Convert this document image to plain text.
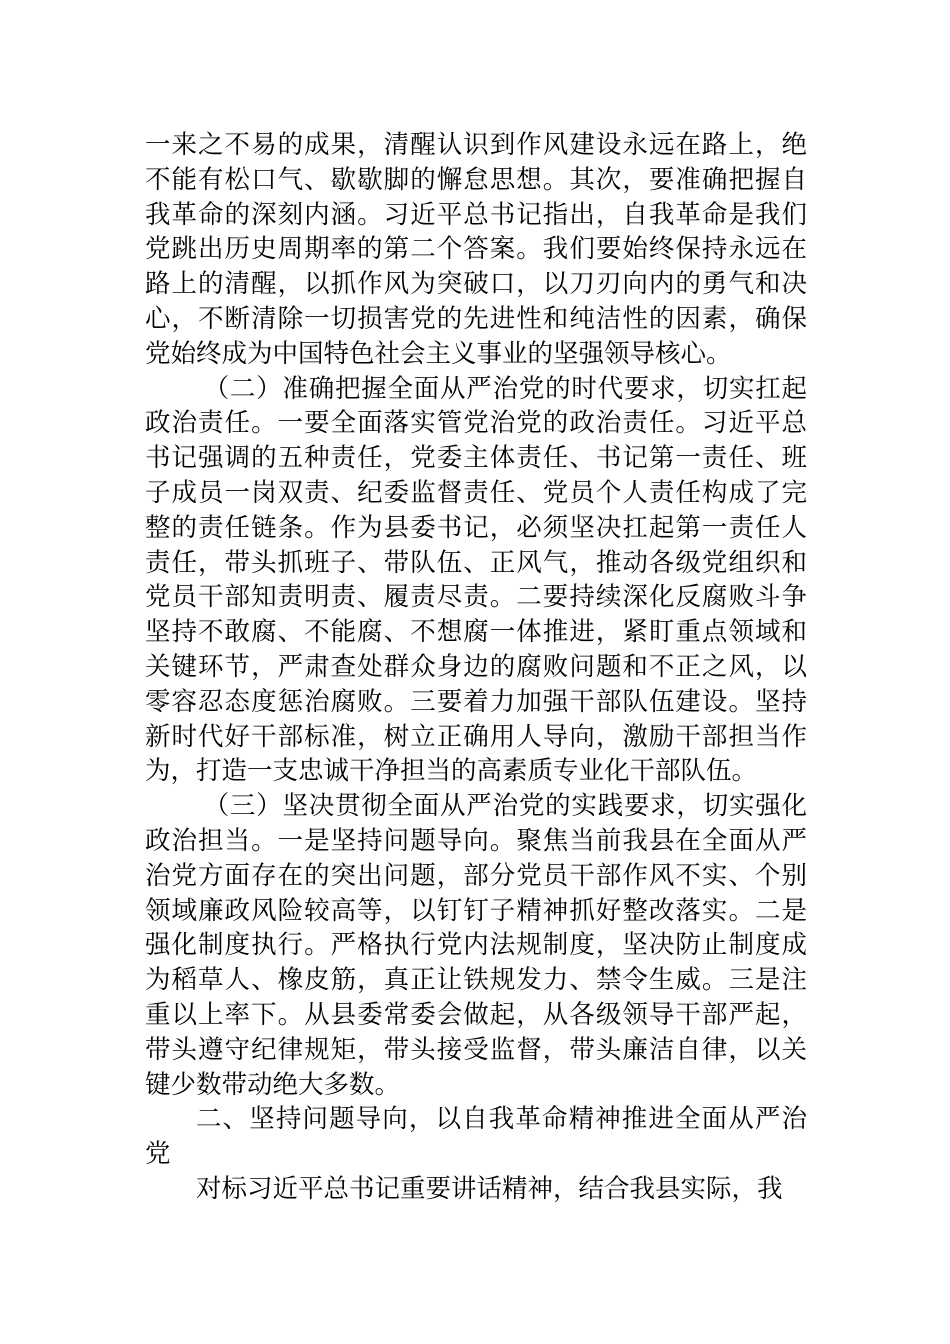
一来之不易的成果，清醒认识到作风建设永远在路上，绝不能有松口气、歇歇脚的懈怠思想。其次，要准确把握自我革命的深刻内涵。习近平总书记指出，自我革命是我们党跳出历史周期率的第二个答案。我们要始终保持永远在路上的清醒，以抓作风为突破口，以刀刃向内的勇气和决心，不断清除一切损害党的先进性和纯洁性的因素，确保党始终成为中国特色社会主义事业的坚强领导核心。

（二）准确把握全面从严治党的时代要求，切实扛起政治责任。一要全面落实管党治党的政治责任。习近平总书记强调的五种责任，党委主体责任、书记第一责任、班子成员一岗双责、纪委监督责任、党员个人责任构成了完整的责任链条。作为县委书记，必须坚决扛起第一责任人责任，带头抓班子、带队伍、正风气，推动各级党组织和党员干部知责明责、履责尽责。二要持续深化反腐败斗争坚持不敢腐、不能腐、不想腐一体推进，紧盯重点领域和关键环节，严肃查处群众身边的腐败问题和不正之风，以零容忍态度惩治腐败。三要着力加强干部队伍建设。坚持新时代好干部标准，树立正确用人导向，激励干部担当作为，打造一支忠诚干净担当的高素质专业化干部队伍。

（三）坚决贯彻全面从严治党的实践要求，切实强化政治担当。一是坚持问题导向。聚焦当前我县在全面从严治党方面存在的突出问题，部分党员干部作风不实、个别领域廉政风险较高等，以钉钉子精神抓好整改落实。二是强化制度执行。严格执行党内法规制度，坚决防止制度成为稻草人、橡皮筋，真正让铁规发力、禁令生威。三是注重以上率下。从县委常委会做起，从各级领导干部严起，带头遵守纪律规矩，带头接受监督，带头廉洁自律，以关键少数带动绝大多数。

二、坚持问题导向，以自我革命精神推进全面从严治党

对标习近平总书记重要讲话精神，结合我县实际，我
